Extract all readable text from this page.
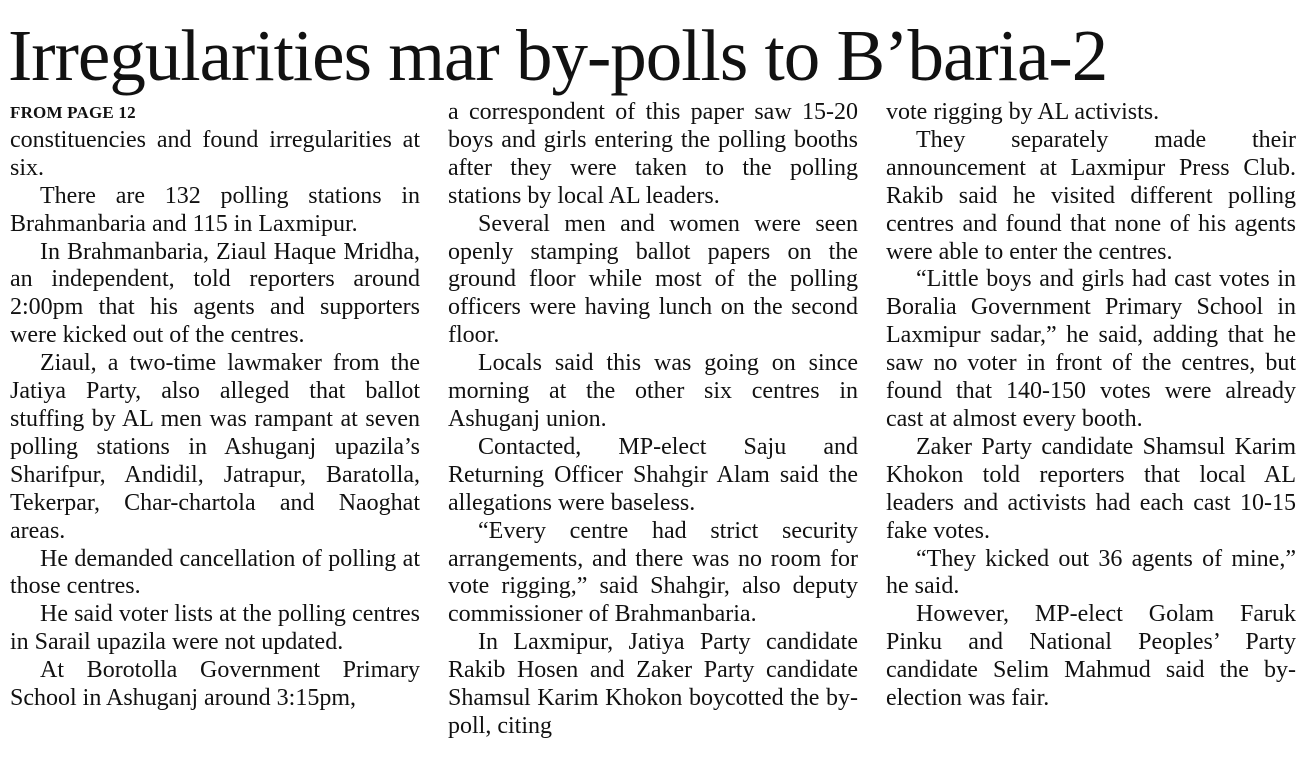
Irregularities mar by-polls to B’baria-2
FROM PAGE 12

constituencies and found irregularities at six.

There are 132 polling stations in Brahmanbaria and 115 in Laxmipur.

In Brahmanbaria, Ziaul Haque Mridha, an independent, told reporters around 2:00pm that his agents and supporters were kicked out of the centres.

Ziaul, a two-time lawmaker from the Jatiya Party, also alleged that ballot stuffing by AL men was rampant at seven polling stations in Ashuganj upazila’s Sharifpur, Andidil, Jatrapur, Baratolla, Tekerpar, Char-chartola and Naoghat areas.

He demanded cancellation of polling at those centres.

He said voter lists at the polling centres in Sarail upazila were not updated.

At Borotolla Government Primary School in Ashuganj around 3:15pm,

a correspondent of this paper saw 15-20 boys and girls entering the polling booths after they were taken to the polling stations by local AL leaders.

Several men and women were seen openly stamping ballot papers on the ground floor while most of the polling officers were having lunch on the second floor.

Locals said this was going on since morning at the other six centres in Ashuganj union.

Contacted, MP-elect Saju and Returning Officer Shahgir Alam said the allegations were baseless.

“Every centre had strict security arrangements, and there was no room for vote rigging,” said Shahgir, also deputy commissioner of Brahmanbaria.

In Laxmipur, Jatiya Party candidate Rakib Hosen and Zaker Party candidate Shamsul Karim Khokon boycotted the by-poll, citing

vote rigging by AL activists.

They separately made their announcement at Laxmipur Press Club. Rakib said he visited different polling centres and found that none of his agents were able to enter the centres.

“Little boys and girls had cast votes in Boralia Government Primary School in Laxmipur sadar,” he said, adding that he saw no voter in front of the centres, but found that 140-150 votes were already cast at almost every booth.

Zaker Party candidate Shamsul Karim Khokon told reporters that local AL leaders and activists had each cast 10-15 fake votes.

“They kicked out 36 agents of mine,” he said.

However, MP-elect Golam Faruk Pinku and National Peoples’ Party candidate Selim Mahmud said the by-election was fair.
